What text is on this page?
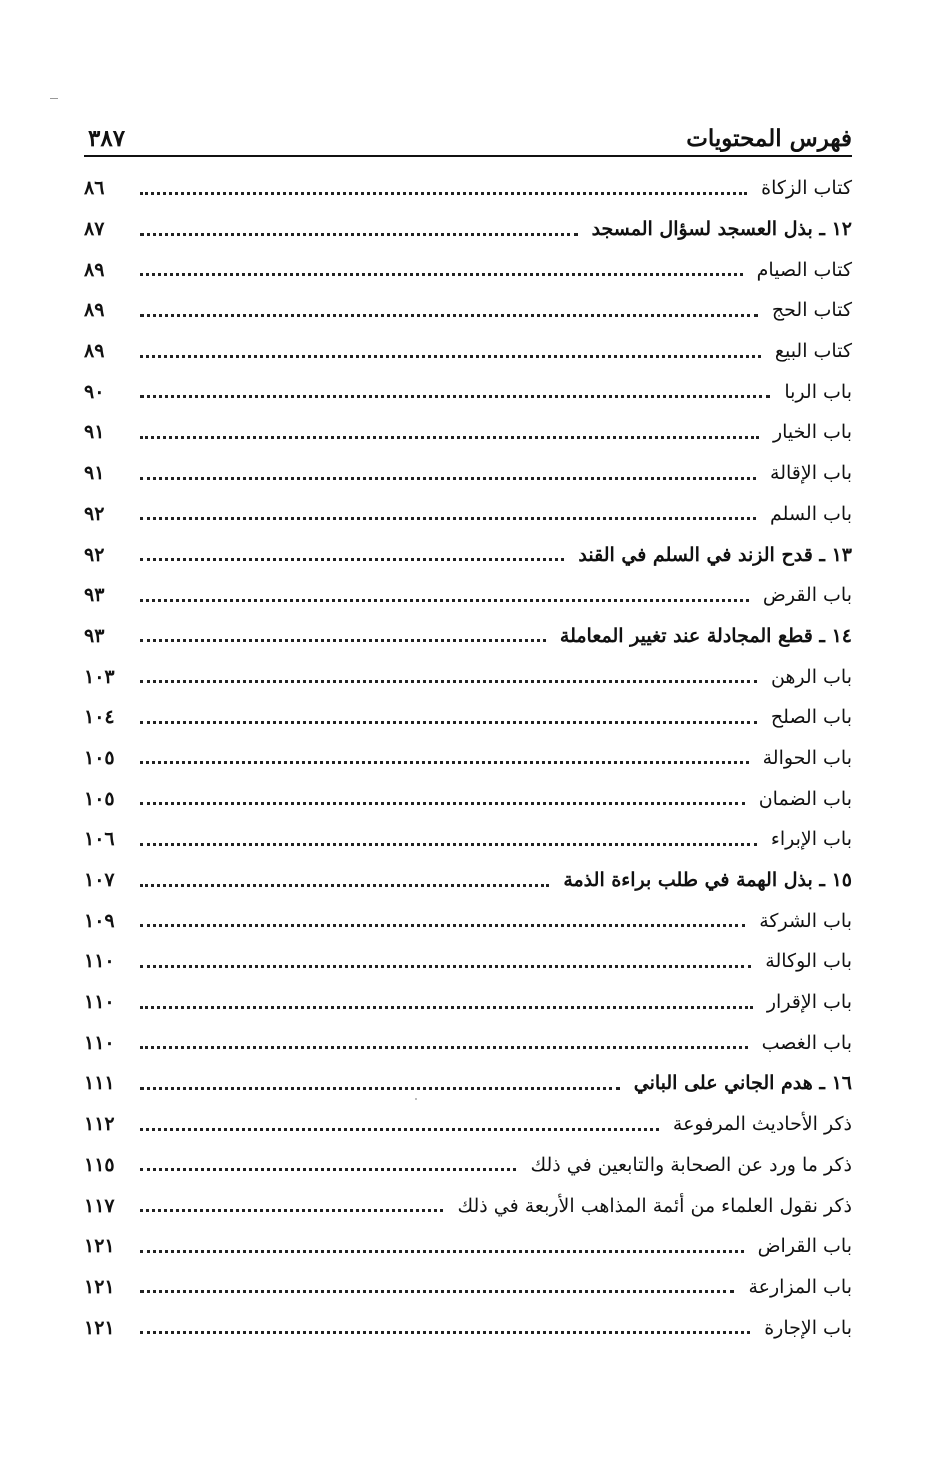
فهرس المحتويات
٣٨٧
كتاب الزكاة
٨٦
١٢ ـ بذل العسجد لسؤال المسجد
٨٧
كتاب الصيام
٨٩
كتاب الحج
٨٩
كتاب البيع
٨٩
باب الربا
٩٠
باب الخيار
٩١
باب الإقالة
٩١
باب السلم
٩٢
١٣ ـ قدح الزند في السلم في القند
٩٢
باب القرض
٩٣
١٤ ـ قطع المجادلة عند تغيير المعاملة
٩٣
باب الرهن
١٠٣
باب الصلح
١٠٤
باب الحوالة
١٠٥
باب الضمان
١٠٥
باب الإبراء
١٠٦
١٥ ـ بذل الهمة في طلب براءة الذمة
١٠٧
باب الشركة
١٠٩
باب الوكالة
١١٠
باب الإقرار
١١٠
باب الغصب
١١٠
١٦ ـ هدم الجاني على الباني
١١١
ذكر الأحاديث المرفوعة
١١٢
ذكر ما ورد عن الصحابة والتابعين في ذلك
١١٥
ذكر نقول العلماء من أئمة المذاهب الأربعة في ذلك
١١٧
باب القراض
١٢١
باب المزارعة
١٢١
باب الإجارة
١٢١
